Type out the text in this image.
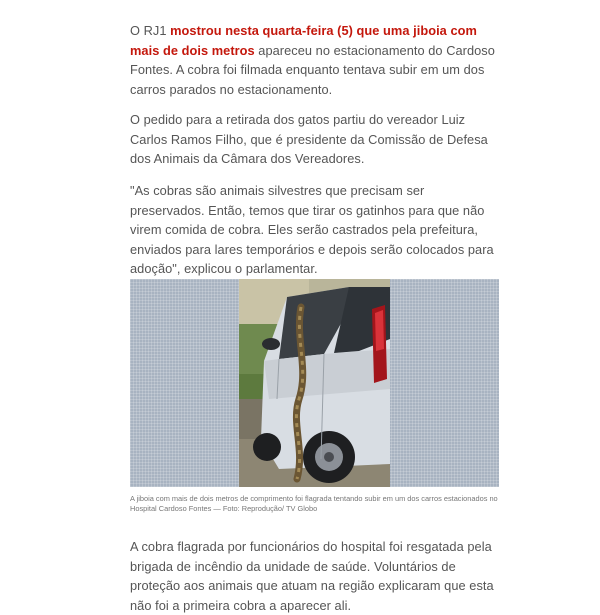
O RJ1 mostrou nesta quarta-feira (5) que uma jiboia com mais de dois metros apareceu no estacionamento do Cardoso Fontes. A cobra foi filmada enquanto tentava subir em um dos carros parados no estacionamento.

O pedido para a retirada dos gatos partiu do vereador Luiz Carlos Ramos Filho, que é presidente da Comissão de Defesa dos Animais da Câmara dos Vereadores.

"As cobras são animais silvestres que precisam ser preservados. Então, temos que tirar os gatinhos para que não virem comida de cobra. Eles serão castrados pela prefeitura, enviados para lares temporários e depois serão colocados para adoção", explicou o parlamentar.

A cobra flagrada por funcionários do hospital foi resgatada pela brigada de incêndio da unidade de saúde. Voluntários de proteção aos animais que atuam na região explicaram que esta não foi a primeira cobra a aparecer ali.

A jiboia com mais de dois metros de comprimento foi flagrada tentando subir em um dos carros estacionados no Hospital Cardoso Fontes — Foto: Reprodução/ TV Globo
